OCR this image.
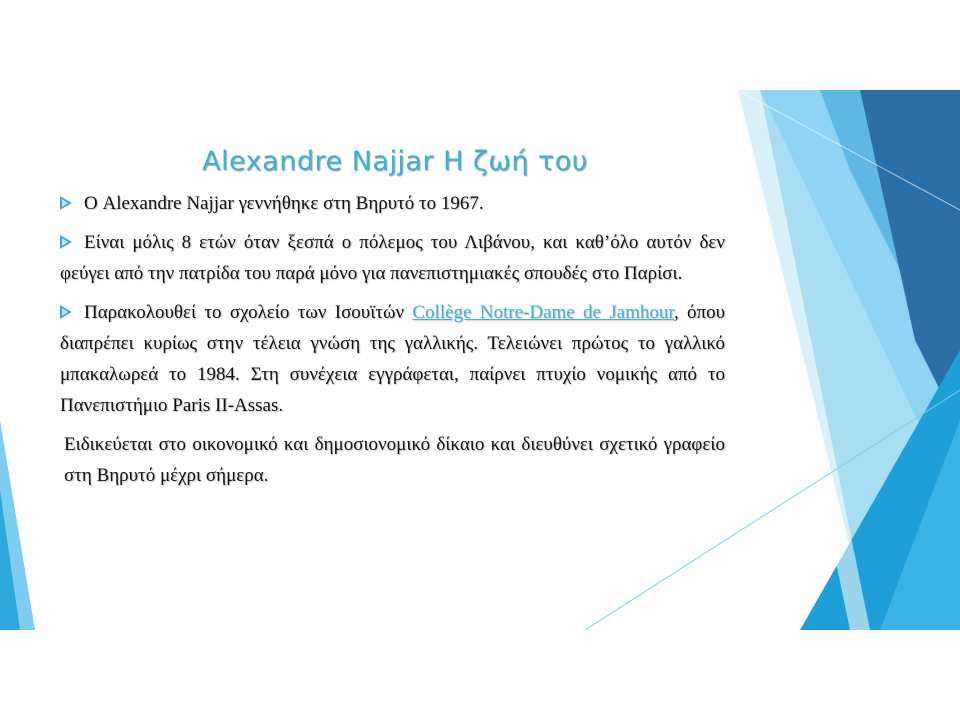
Alexandre Najjar Η ζωή του

Ο Alexandre Najjar γεννήθηκε στη Βηρυτό το 1967.

Είναι μόλις 8 ετών όταν ξεσπά ο πόλεμος του Λιβάνου, και καθ’όλο αυτόν δεν φεύγει από την πατρίδα του παρά μόνο για πανεπιστημιακές σπουδές στο Παρίσι.

Παρακολουθεί το σχολείο των Ισουϊτών Collège Notre-Dame de Jamhour, όπου διαπρέπει κυρίως στην τέλεια γνώση της γαλλικής. Τελειώνει πρώτος το γαλλικό μπακαλωρεά το 1984. Στη συνέχεια εγγράφεται, παίρνει πτυχίο νομικής από το Πανεπιστήμιο Paris II-Assas.

Ειδικεύεται στο οικονομικό και δημοσιονομικό δίκαιο και διευθύνει σχετικό γραφείο στη Βηρυτό μέχρι σήμερα.
